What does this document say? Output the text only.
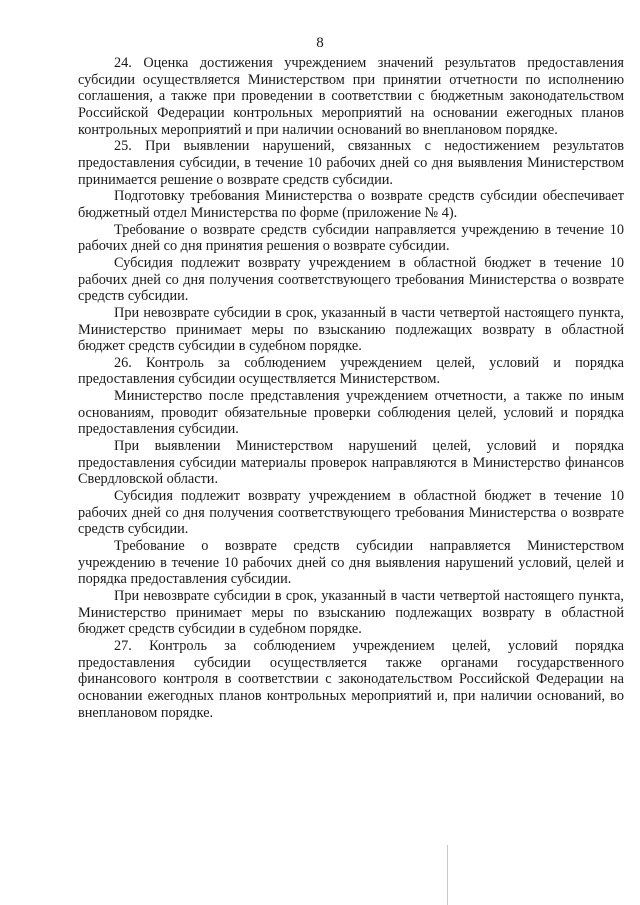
8

24. Оценка достижения учреждением значений результатов предоставления субсидии осуществляется Министерством при принятии отчетности по исполнению соглашения, а также при проведении в соответствии с бюджетным законодательством Российской Федерации контрольных мероприятий на основании ежегодных планов контрольных мероприятий и при наличии оснований во внеплановом порядке.

25. При выявлении нарушений, связанных с недостижением результатов предоставления субсидии, в течение 10 рабочих дней со дня выявления Министерством принимается решение о возврате средств субсидии.

Подготовку требования Министерства о возврате средств субсидии обеспечивает бюджетный отдел Министерства по форме (приложение № 4).

Требование о возврате средств субсидии направляется учреждению в течение 10 рабочих дней со дня принятия решения о возврате субсидии.

Субсидия подлежит возврату учреждением в областной бюджет в течение 10 рабочих дней со дня получения соответствующего требования Министерства о возврате средств субсидии.

При невозврате субсидии в срок, указанный в части четвертой настоящего пункта, Министерство принимает меры по взысканию подлежащих возврату в областной бюджет средств субсидии в судебном порядке.

26. Контроль за соблюдением учреждением целей, условий и порядка предоставления субсидии осуществляется Министерством.

Министерство после представления учреждением отчетности, а также по иным основаниям, проводит обязательные проверки соблюдения целей, условий и порядка предоставления субсидии.

При выявлении Министерством нарушений целей, условий и порядка предоставления субсидии материалы проверок направляются в Министерство финансов Свердловской области.

Субсидия подлежит возврату учреждением в областной бюджет в течение 10 рабочих дней со дня получения соответствующего требования Министерства о возврате средств субсидии.

Требование о возврате средств субсидии направляется Министерством учреждению в течение 10 рабочих дней со дня выявления нарушений условий, целей и порядка предоставления субсидии.

При невозврате субсидии в срок, указанный в части четвертой настоящего пункта, Министерство принимает меры по взысканию подлежащих возврату в областной бюджет средств субсидии в судебном порядке.

27. Контроль за соблюдением учреждением целей, условий порядка предоставления субсидии осуществляется также органами государственного финансового контроля в соответствии с законодательством Российской Федерации на основании ежегодных планов контрольных мероприятий и, при наличии оснований, во внеплановом порядке.
